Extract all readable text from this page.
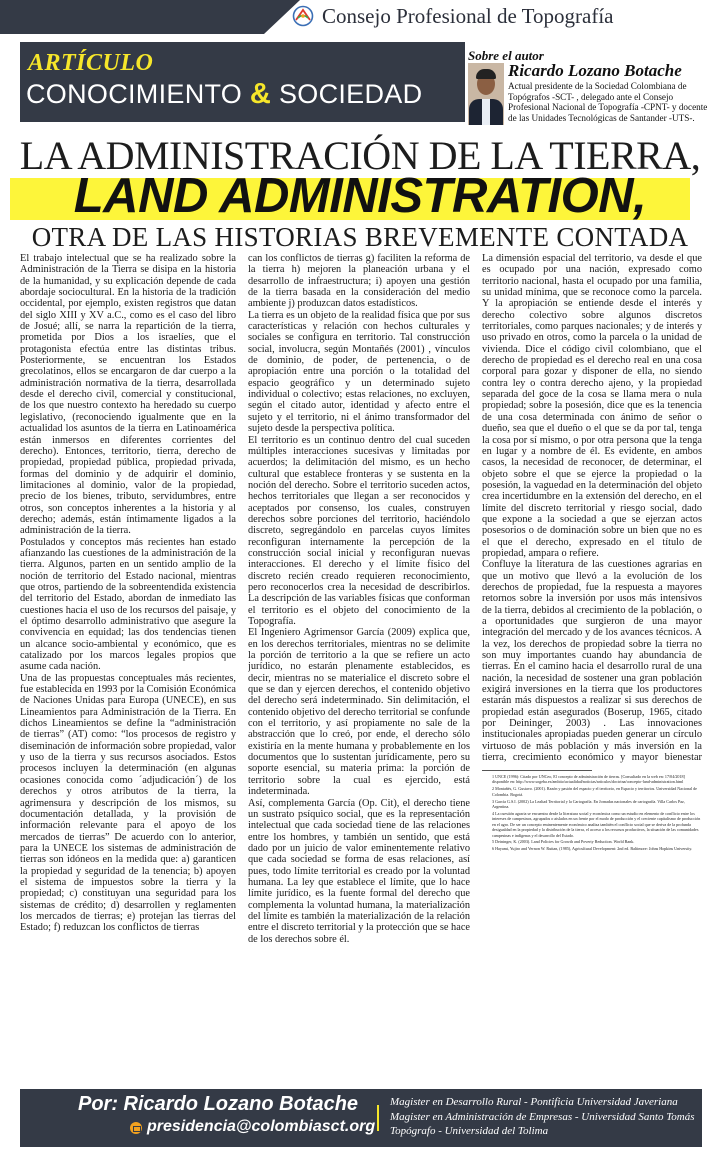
Consejo Profesional de Topografía
ARTÍCULO
CONOCIMIENTO & SOCIEDAD
Sobre el autor
Ricardo Lozano Botache
Actual presidente de la Sociedad Colombiana de Topógrafos -SCT- , delegado ante el Consejo Profesional Nacional de Topografía -CPNT- y docente de las Unidades Tecnológicas de Santander -UTS-.
LA ADMINISTRACIÓN DE LA TIERRA,
LAND ADMINISTRATION,
OTRA DE LAS HISTORIAS BREVEMENTE CONTADA

El trabajo intelectual que se ha realizado sobre la Administración de la Tierra se disipa en la historia de la humanidad, y su explicación depende de cada abordaje sociocultural. En la historia de la tradición occidental, por ejemplo, existen registros que datan del siglo XIII y XV a.C., como es el caso del libro de Josué; allí, se narra la repartición de la tierra, prometida por Dios a los israelíes, que el protagonista efectúa entre las distintas tribus. Posteriormente, se encuentran los Estados grecolatinos, ellos se encargaron de dar cuerpo a la administración normativa de la tierra, desarrollada desde el derecho civil, comercial y constitucional, de los que nuestro contexto ha heredado su cuerpo legislativo, (reconociendo igualmente que en la actualidad los asuntos de la tierra en Latinoamérica están inmersos en diferentes corrientes del derecho). Entonces, territorio, tierra, derecho de propiedad, propiedad pública, propiedad privada, formas del dominio y de adquirir el dominio, limitaciones al dominio, valor de la propiedad, precio de los bienes, tributo, servidumbres, entre otros, son conceptos inherentes a la historia y al derecho; además, están íntimamente ligados a la administración de la tierra.

Postulados y conceptos más recientes han estado afianzando las cuestiones de la administración de la tierra. Algunos, parten en un sentido amplio de la noción de territorio del Estado nacional, mientras que otros, partiendo de la sobreentendida existencia del territorio del Estado, abordan de inmediato las cuestiones hacia el uso de los recursos del paisaje, y el óptimo desarrollo administrativo que asegure la convivencia en equidad; las dos tendencias tienen un alcance socio-ambiental y económico, que es catalizado por los marcos legales propios que asume cada nación.

Una de las propuestas conceptuales más recientes, fue establecida en 1993 por la Comisión Económica de Naciones Unidas para Europa (UNECE), en sus Lineamientos para Administración de la Tierra. En dichos Lineamientos se define la “administración de tierras” (AT) como: “los procesos de registro y diseminación de información sobre propiedad, valor y uso de la tierra y sus recursos asociados. Estos procesos incluyen la determinación (en algunas ocasiones conocida como ´adjudicación´) de los derechos y otros atributos de la tierra, la agrimensura y descripción de los mismos, su documentación detallada, y la provisión de información relevante para el apoyo de los mercados de tierras” De acuerdo con lo anterior, para la UNECE los sistemas de administración de tierras son idóneos en la medida que: a) garanticen la propiedad y seguridad de la tenencia; b) apoyen el sistema de impuestos sobre la tierra y la propiedad; c) constituyan una seguridad para los sistemas de crédito; d) desarrollen y reglamenten los mercados de tierras; e) protejan las tierras del Estado; f) reduzcan los conflictos de tierras

can los conflictos de tierras g) faciliten la reforma de la tierra h) mejoren la planeación urbana y el desarrollo de infraestructura; i) apoyen una gestión de la tierra basada en la consideración del medio ambiente j) produzcan datos estadísticos.

La tierra es un objeto de la realidad física que por sus características y relación con hechos culturales y sociales se configura en territorio. Tal construcción social, involucra, según Montañés (2001) , vínculos de dominio, de poder, de pertenencia, o de apropiación entre una porción o la totalidad del espacio geográfico y un determinado sujeto individual o colectivo; estas relaciones, no excluyen, según el citado autor, identidad y afecto entre el sujeto y el territorio, ni el ánimo transformador del sujeto desde la perspectiva política.

El territorio es un continuo dentro del cual suceden múltiples interacciones sucesivas y limitadas por acuerdos; la delimitación del mismo, es un hecho cultural que establece fronteras y se sustenta en la noción del derecho. Sobre el territorio suceden actos, hechos territoriales que llegan a ser reconocidos y aceptados por consenso, los cuales, construyen derechos sobre porciones del territorio, haciéndolo discreto, segregándolo en parcelas cuyos límites reconfiguran internamente la percepción de la construcción social inicial y reconfiguran nuevas interacciones. El derecho y el límite físico del discreto recién creado requieren reconocimiento, pero reconocerlos crea la necesidad de describirlos. La descripción de las variables físicas que conforman el territorio es el objeto del conocimiento de la Topografía.

El Ingeniero Agrimensor García (2009) explica que, en los derechos territoriales, mientras no se delimite la porción de territorio a la que se refiere un acto jurídico, no estarán plenamente establecidos, es decir, mientras no se materialice el discreto sobre el que se dan y ejercen derechos, el contenido objetivo del derecho será indeterminado. Sin delimitación, el contenido objetivo del derecho territorial se confunde con el territorio, y así propiamente no sale de la abstracción que lo creó, por ende, el derecho sólo existiría en la mente humana y probablemente en los documentos que lo sustentan jurídicamente, pero su soporte esencial, su materia prima: la porción de territorio sobre la cual es ejercido, está indeterminada.

Así, complementa García (Op. Cit), el derecho tiene un sustrato psíquico social, que es la representación intelectual que cada sociedad tiene de las relaciones entre los hombres, y también un sentido, que está dado por un juicio de valor eminentemente relativo que cada sociedad se forma de esas relaciones, así pues, todo límite territorial es creado por la voluntad humana. La ley que establece el límite, que lo hace límite jurídico, es la fuente formal del derecho que complementa la voluntad humana, la materialización del límite es también la materialización de la relación entre el discreto territorial y la protección que se hace de los derechos sobre él.

La dimensión espacial del territorio, va desde el que es ocupado por una nación, expresado como territorio nacional, hasta el ocupado por una familia, su unidad mínima, que se reconoce como la parcela. Y la apropiación se entiende desde el interés y derecho colectivo sobre algunos discretos territoriales, como parques nacionales; y de interés y uso privado en otros, como la parcela o la unidad de vivienda. Dice el código civil colombiano, que el derecho de propiedad es el derecho real en una cosa corporal para gozar y disponer de ella, no siendo contra ley o contra derecho ajeno, y la propiedad separada del goce de la cosa se llama mera o nula propiedad; sobre la posesión, dice que es la tenencia de una cosa determinada con ánimo de señor o dueño, sea que el dueño o el que se da por tal, tenga la cosa por sí mismo, o por otra persona que la tenga en lugar y a nombre de él. Es evidente, en ambos casos, la necesidad de reconocer, de determinar, el objeto sobre el que se ejerce la propiedad o la posesión, la vaguedad en la determinación del objeto crea incertidumbre en la extensión del derecho, en el límite del discreto territorial y riesgo social, dado que expone a la sociedad a que se ejerzan actos posesorios o de dominación sobre un bien que no es el que el derecho, expresado en el título de propiedad, ampara o refiere.

Confluye la literatura de las cuestiones agrarias en que un motivo que llevó a la evolución de los derechos de propiedad, fue la respuesta a mayores retornos sobre la inversión por usos más intensivos de la tierra, debidos al crecimiento de la población, o a oportunidades que surgieron de una mayor integración del mercado y de los avances técnicos. A la vez, los derechos de propiedad sobre la tierra no son muy importantes cuando hay abundancia de tierras. En el camino hacia el desarrollo rural de una nación, la necesidad de sostener una gran población exigirá inversiones en la tierra que los productores estarán más dispuestos a realizar si sus derechos de propiedad están asegurados (Boserup, 1965, citado por Deininger, 2003) . Las innovaciones institucionales apropiadas pueden generar un círculo virtuoso de más población y más inversión en la tierra, crecimiento económico y mayor bienestar

1 UNCE (1996): Citado por UNCeo, El concepto de administración de tierras. [Consultado en la web en: 17/04/2018] disponible en: http://www.sogeba.es/ambito/actualidad/noticias/articulos/doctrina/concepto-land-administration.html
2 Montañés, G. Gustavo. (2001). Razón y pasión del espacio y el territorio, en Espacio y territorios. Universidad Nacional de Colombia. Bogotá.
3 García G.S.I. (2002) La Lealtad Territorial y la Cartografía. En Jornadas nacionales de cartografía. Villa Carlos Paz, Argentina.
4 La cuestión agraria se encuentra desde la literatura social y económica como un estudio en elemento de conflicto entre los intereses de campesinos, agrupados o aislados en un frente por el modo de producción y el creciente capitalismo de producción en el agro. De ser un concepto eminentemente económico analiza también el conflicto social que se deriva de la profunda desigualdad en la propiedad y la distribución de la tierra, el acceso a los recursos productivos, la situación de las comunidades campesinas e indígenas y el desarrollo del Estado.
5 Deininger, K. (2003). Land Policies for Growth and Poverty Reduction. World Bank.
6 Hayami, Yujiro and Vernon W. Ruttan, (1985), Agricultural Development: 2nd ed. Baltimore: Johns Hopkins University.
Por: Ricardo Lozano Botache
presidencia@colombiasct.org
Magister en Desarrollo Rural - Pontificia Universidad Javeriana
Magister en Administración de Empresas - Universidad Santo Tomás
Topógrafo - Universidad del Tolima
